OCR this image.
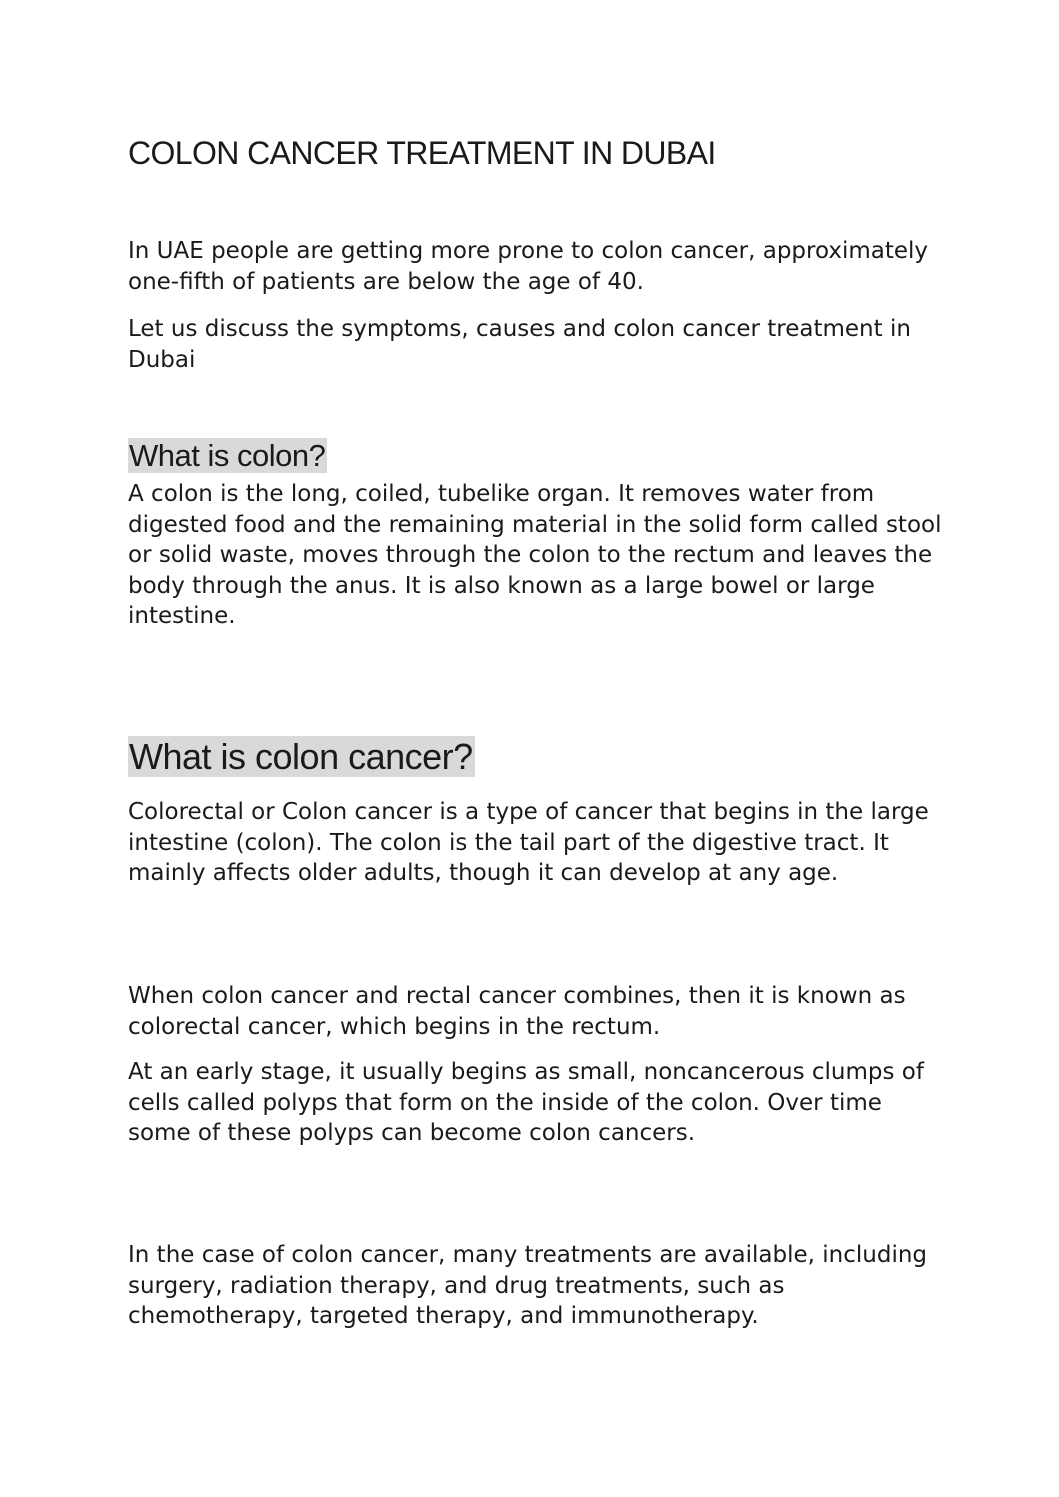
COLON CANCER TREATMENT IN DUBAI

In UAE people are getting more prone to colon cancer, approximately one-fifth of patients are below the age of 40.

Let us discuss the symptoms, causes and colon cancer treatment in Dubai

What is colon?

A colon is the long, coiled, tubelike organ. It removes water from digested food and the remaining material in the solid form called stool or solid waste, moves through the colon to the rectum and leaves the body through the anus. It is also known as a large bowel or large intestine.

What is colon cancer?

Colorectal or Colon cancer is a type of cancer that begins in the large intestine (colon). The colon is the tail part of the digestive tract. It mainly affects older adults, though it can develop at any age.

When colon cancer and rectal cancer combines, then it is known as colorectal cancer, which begins in the rectum.

At an early stage, it usually begins as small, noncancerous clumps of cells called polyps that form on the inside of the colon. Over time some of these polyps can become colon cancers.

In the case of colon cancer, many treatments are available, including surgery, radiation therapy, and drug treatments, such as chemotherapy, targeted therapy, and immunotherapy.
